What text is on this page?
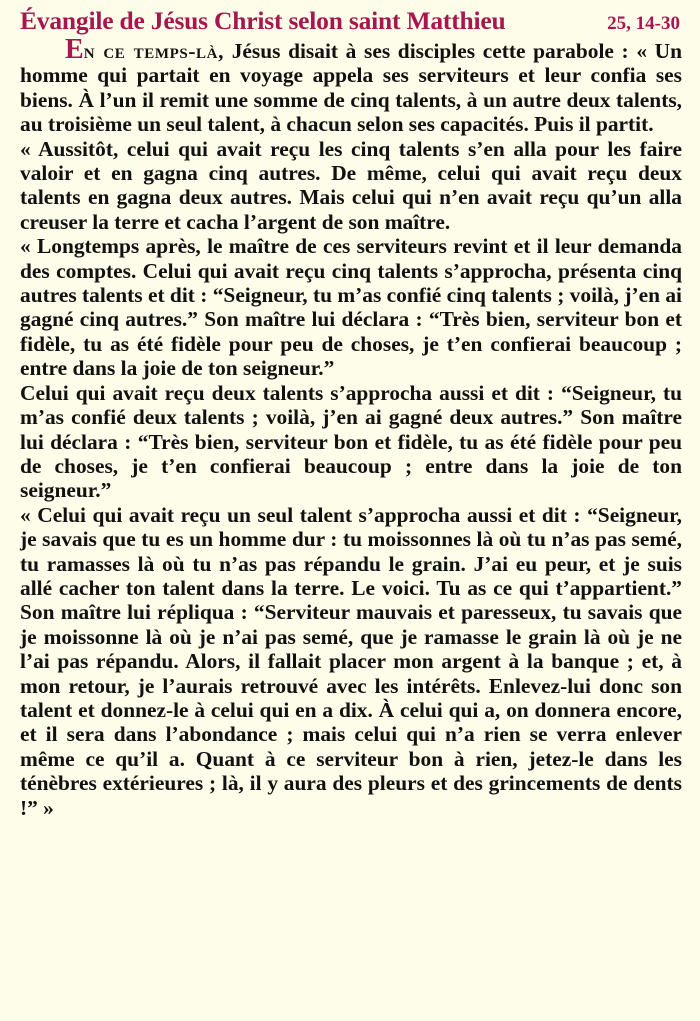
Évangile de Jésus Christ selon saint Matthieu	25, 14-30

En ce temps-là, Jésus disait à ses disciples cette parabole : « Un homme qui partait en voyage appela ses serviteurs et leur confia ses biens. À l’un il remit une somme de cinq talents, à un autre deux talents, au troisième un seul talent, à chacun selon ses capacités. Puis il partit.

« Aussitôt, celui qui avait reçu les cinq talents s’en alla pour les faire valoir et en gagna cinq autres. De même, celui qui avait reçu deux talents en gagna deux autres. Mais celui qui n’en avait reçu qu’un alla creuser la terre et cacha l’argent de son maître.

« Longtemps après, le maître de ces serviteurs revint et il leur demanda des comptes. Celui qui avait reçu cinq talents s’approcha, présenta cinq autres talents et dit : “Seigneur, tu m’as confié cinq talents ; voilà, j’en ai gagné cinq autres.” Son maître lui déclara : “Très bien, serviteur bon et fidèle, tu as été fidèle pour peu de choses, je t’en confierai beaucoup ; entre dans la joie de ton seigneur.”

Celui qui avait reçu deux talents s’approcha aussi et dit : “Seigneur, tu m’as confié deux talents ; voilà, j’en ai gagné deux autres.” Son maître lui déclara : “Très bien, serviteur bon et fidèle, tu as été fidèle pour peu de choses, je t’en confierai beaucoup ; entre dans la joie de ton seigneur.”

« Celui qui avait reçu un seul talent s’approcha aussi et dit : “Seigneur, je savais que tu es un homme dur : tu moissonnes là où tu n’as pas semé, tu ramasses là où tu n’as pas répandu le grain. J’ai eu peur, et je suis allé cacher ton talent dans la terre. Le voici. Tu as ce qui t’appartient.” Son maître lui répliqua : “Serviteur mauvais et paresseux, tu savais que je moissonne là où je n’ai pas semé, que je ramasse le grain là où je ne l’ai pas répandu. Alors, il fallait placer mon argent à la banque ; et, à mon retour, je l’aurais retrouvé avec les intérêts. Enlevez-lui donc son talent et donnez-le à celui qui en a dix. À celui qui a, on donnera encore, et il sera dans l’abondance ; mais celui qui n’a rien se verra enlever même ce qu’il a. Quant à ce serviteur bon à rien, jetez-le dans les ténèbres extérieures ; là, il y aura des pleurs et des grincements de dents !” »
